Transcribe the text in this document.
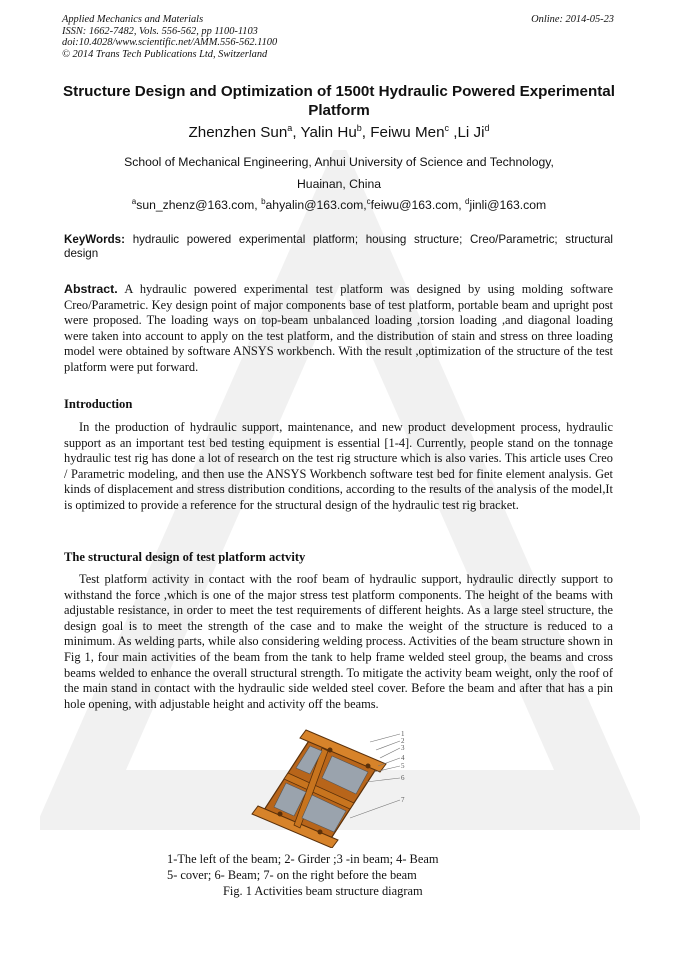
Applied Mechanics and Materials
ISSN: 1662-7482, Vols. 556-562, pp 1100-1103
doi:10.4028/www.scientific.net/AMM.556-562.1100
© 2014 Trans Tech Publications Ltd, Switzerland
Online: 2014-05-23
Structure Design and Optimization of 1500t Hydraulic Powered Experimental Platform
Zhenzhen Sun$^a$, Yalin Hu$^b$, Feiwu Men$^c$ ,Li Ji$^d$
School of Mechanical Engineering, Anhui University of Science and Technology,
Huainan, China
$^a$sun_zhenz@163.com, $^b$ahyalin@163.com,$^c$feiwu@163.com, $^d$jinli@163.com
KeyWords: hydraulic powered experimental platform; housing structure; Creo/Parametric; structural design
Abstract. A hydraulic powered experimental test platform was designed by using molding software Creo/Parametric. Key design point of major components base of test platform, portable beam and upright post were proposed. The loading ways on top-beam unbalanced loading ,torsion loading ,and diagonal loading were taken into account to apply on the test platform, and the distribution of stain and stress on three loading model were obtained by software ANSYS workbench. With the result ,optimization of the structure of the test platform were put forward.
Introduction
In the production of hydraulic support, maintenance, and new product development process, hydraulic support as an important test bed testing equipment is essential [1-4]. Currently, people stand on the tonnage hydraulic test rig has done a lot of research on the test rig structure which is also varies. This article uses Creo / Parametric modeling, and then use the ANSYS Workbench software test bed for finite element analysis. Get kinds of displacement and stress distribution conditions, according to the results of the analysis of the model,It is optimized to provide a reference for the structural design of the hydraulic test rig bracket.
The structural design of test platform actvity
Test platform activity in contact with the roof beam of hydraulic support, hydraulic directly support to withstand the force ,which is one of the major stress test platform components. The height of the beams with adjustable resistance, in order to meet the test requirements of different heights. As a large steel structure, the design goal is to meet the strength of the case and to make the weight of the structure is reduced to a minimum. As welding parts, while also considering welding process. Activities of the beam structure shown in Fig 1, four main activities of the beam from the tank to help frame welded steel group, the beams and cross beams welded to enhance the overall structural strength. To mitigate the activity beam weight, only the roof of the main stand in contact with the hydraulic side welded steel cover. Before the beam and after that has a pin hole opening, with adjustable height and activity off the beams.
1
2
3
4
5
6
7
1-The left of the beam; 2- Girder ;3 -in beam; 4- Beam
5- cover; 6- Beam; 7- on the right before the beam
Fig. 1 Activities beam structure diagram
